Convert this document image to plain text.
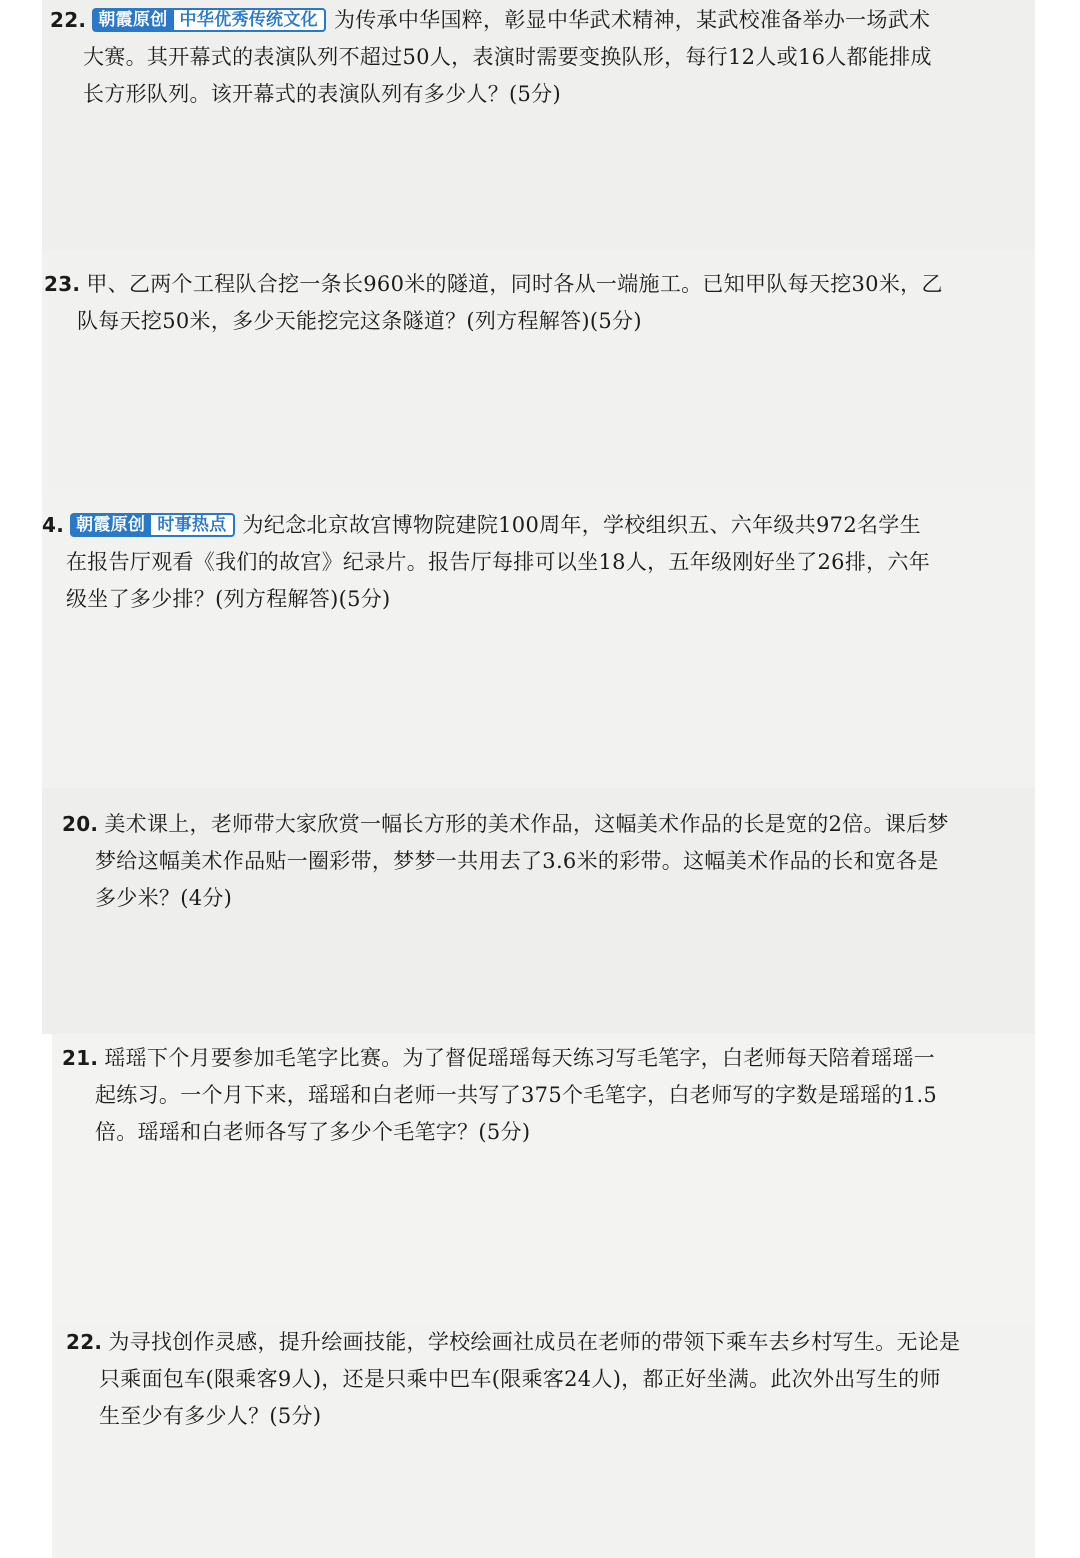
22. 朝霞原创 中华优秀传统文化 为传承中华国粹，彰显中华武术精神，某武校准备举办一场武术
大赛。其开幕式的表演队列不超过50人，表演时需要变换队形，每行12人或16人都能排成
长方形队列。该开幕式的表演队列有多少人？(5分)
23. 甲、乙两个工程队合挖一条长960米的隧道，同时各从一端施工。已知甲队每天挖30米，乙
队每天挖50米，多少天能挖完这条隧道？(列方程解答)(5分)
4. 朝霞原创 时事热点 为纪念北京故宫博物院建院100周年，学校组织五、六年级共972名学生
在报告厅观看《我们的故宫》纪录片。报告厅每排可以坐18人，五年级刚好坐了26排，六年
级坐了多少排？(列方程解答)(5分)
20. 美术课上，老师带大家欣赏一幅长方形的美术作品，这幅美术作品的长是宽的2倍。课后梦
梦给这幅美术作品贴一圈彩带，梦梦一共用去了3.6米的彩带。这幅美术作品的长和宽各是
多少米？(4分)
21. 瑶瑶下个月要参加毛笔字比赛。为了督促瑶瑶每天练习写毛笔字，白老师每天陪着瑶瑶一
起练习。一个月下来，瑶瑶和白老师一共写了375个毛笔字，白老师写的字数是瑶瑶的1.5
倍。瑶瑶和白老师各写了多少个毛笔字？(5分)
22. 为寻找创作灵感，提升绘画技能，学校绘画社成员在老师的带领下乘车去乡村写生。无论是
只乘面包车(限乘客9人)，还是只乘中巴车(限乘客24人)，都正好坐满。此次外出写生的师
生至少有多少人？(5分)
